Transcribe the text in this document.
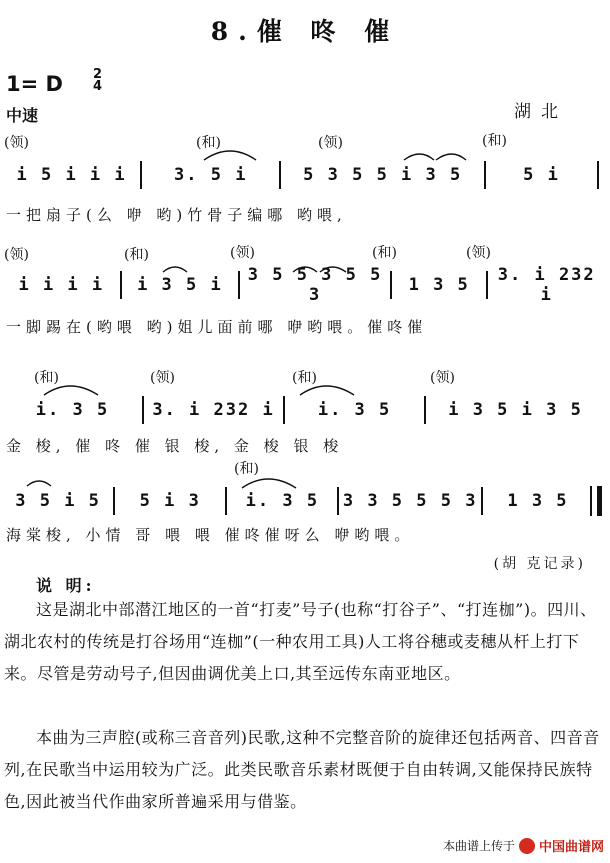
8.催 咚 催
1= D 2
4
中速	湖北
(领)	(和)	(领)	(和)
i 5 i i i	3. 5 i	5 3 5 5 i 3 5	5 i
一把扇子(么 咿 哟)竹骨子编哪 哟喂,
(领)	(和)	(领)	(和)	(领)
i i i i	i 3 5 i	3 5 5 3 5 5 3	1 3 5	3. i 232 i
一脚踢在(哟喂 哟)姐儿面前哪 咿哟喂。催咚催
(和)	(领)	(和)	(领)
i. 3 5	3. i 232 i	i. 3 5	i 3 5 i 3 5
金 梭, 催 咚 催 银 梭, 金 梭 银 梭
(和)
3 5 i 5	5 i 3	i. 3 5	3 3 5 5 5 3	1 3 5
海棠梭, 小情 哥 喂 喂 催咚催呀么 咿哟喂。
(胡 克记录)
说 明:
这是湖北中部潜江地区的一首“打麦”号子(也称“打谷子”、“打连枷”)。四川、湖北农村的传统是打谷场用“连枷”(一种农用工具)人工将谷穗或麦穗从杆上打下来。尽管是劳动号子,但因曲调优美上口,其至远传东南亚地区。
本曲为三声腔(或称三音音列)民歌,这种不完整音阶的旋律还包括两音、四音音列,在民歌当中运用较为广泛。此类民歌音乐素材既便于自由转调,又能保持民族特色,因此被当代作曲家所普遍采用与借鉴。
本曲谱上传于 中国曲谱网
